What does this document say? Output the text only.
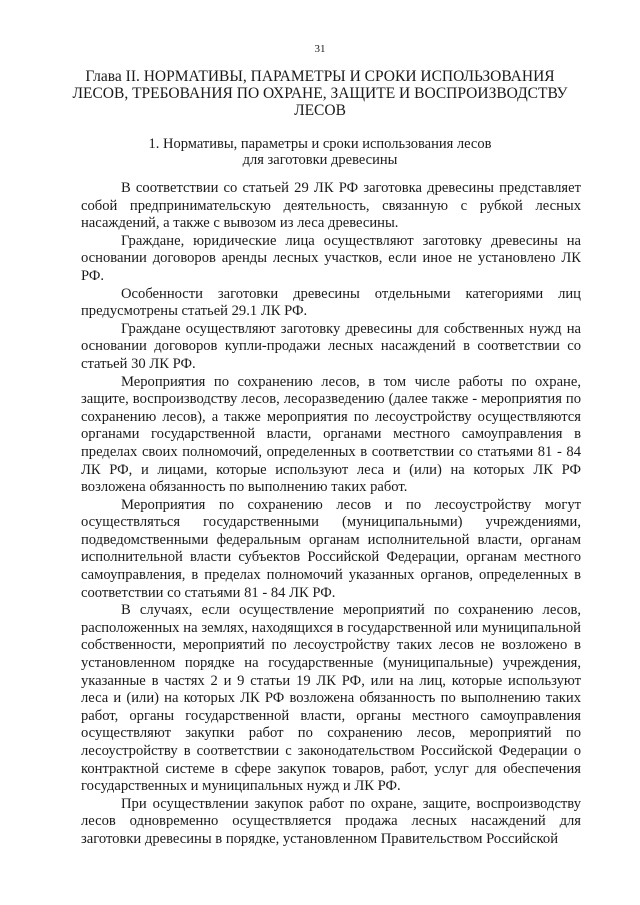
31
Глава II. НОРМАТИВЫ, ПАРАМЕТРЫ И СРОКИ ИСПОЛЬЗОВАНИЯ
ЛЕСОВ, ТРЕБОВАНИЯ ПО ОХРАНЕ, ЗАЩИТЕ И ВОСПРОИЗВОДСТВУ
ЛЕСОВ
1. Нормативы, параметры и сроки использования лесов
для заготовки древесины

В соответствии со статьей 29 ЛК РФ заготовка древесины представляет собой предпринимательскую деятельность, связанную с рубкой лесных насаждений, а также с вывозом из леса древесины.

Граждане, юридические лица осуществляют заготовку древесины на основании договоров аренды лесных участков, если иное не установлено ЛК РФ.

Особенности заготовки древесины отдельными категориями лиц предусмотрены статьей 29.1 ЛК РФ.

Граждане осуществляют заготовку древесины для собственных нужд на основании договоров купли-продажи лесных насаждений в соответствии со статьей 30 ЛК РФ.

Мероприятия по сохранению лесов, в том числе работы по охране, защите, воспроизводству лесов, лесоразведению (далее также - мероприятия по сохранению лесов), а также мероприятия по лесоустройству осуществляются органами государственной власти, органами местного самоуправления в пределах своих полномочий, определенных в соответствии со статьями 81 - 84 ЛК РФ, и лицами, которые используют леса и (или) на которых ЛК РФ возложена обязанность по выполнению таких работ.

Мероприятия по сохранению лесов и по лесоустройству могут осуществляться государственными (муниципальными) учреждениями, подведомственными федеральным органам исполнительной власти, органам исполнительной власти субъектов Российской Федерации, органам местного самоуправления, в пределах полномочий указанных органов, определенных в соответствии со статьями 81 - 84 ЛК РФ.

В случаях, если осуществление мероприятий по сохранению лесов, расположенных на землях, находящихся в государственной или муниципальной собственности, мероприятий по лесоустройству таких лесов не возложено в установленном порядке на государственные (муниципальные) учреждения, указанные в частях 2 и 9 статьи 19 ЛК РФ, или на лиц, которые используют леса и (или) на которых ЛК РФ возложена обязанность по выполнению таких работ, органы государственной власти, органы местного самоуправления осуществляют закупки работ по сохранению лесов, мероприятий по лесоустройству в соответствии с законодательством Российской Федерации о контрактной системе в сфере закупок товаров, работ, услуг для обеспечения государственных и муниципальных нужд и ЛК РФ.

При осуществлении закупок работ по охране, защите, воспроизводству лесов одновременно осуществляется продажа лесных насаждений для заготовки древесины в порядке, установленном Правительством Российской
